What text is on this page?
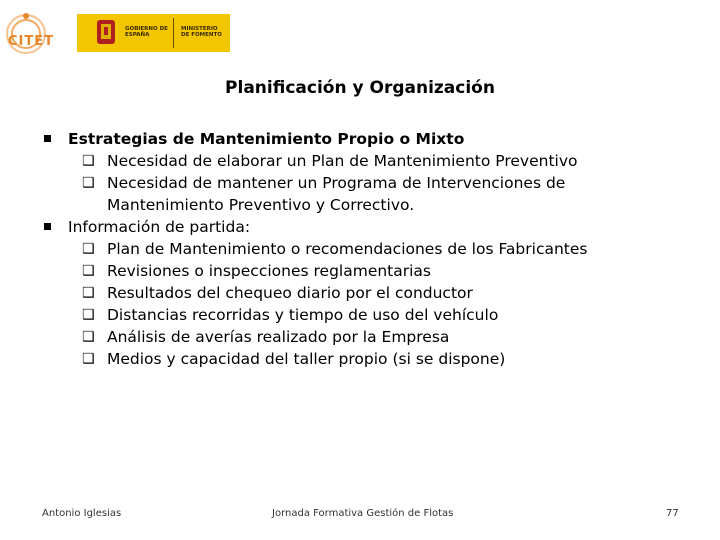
CITET
GOBIERNO DE ESPAÑA
MINISTERIO DE FOMENTO
Planificación y Organización
Estrategias de Mantenimiento Propio o Mixto
❑ Necesidad de elaborar un Plan de Mantenimiento Preventivo
❑ Necesidad de mantener un Programa de Intervenciones de Mantenimiento Preventivo y Correctivo.
Información de partida:
❑ Plan de Mantenimiento o recomendaciones de los Fabricantes
❑ Revisiones o inspecciones reglamentarias
❑ Resultados del chequeo diario por el conductor
❑ Distancias recorridas y tiempo de uso del vehículo
❑ Análisis de averías realizado por la Empresa
❑ Medios y capacidad del taller propio (si se dispone)
Antonio Iglesias	Jornada Formativa Gestión de Flotas	77
